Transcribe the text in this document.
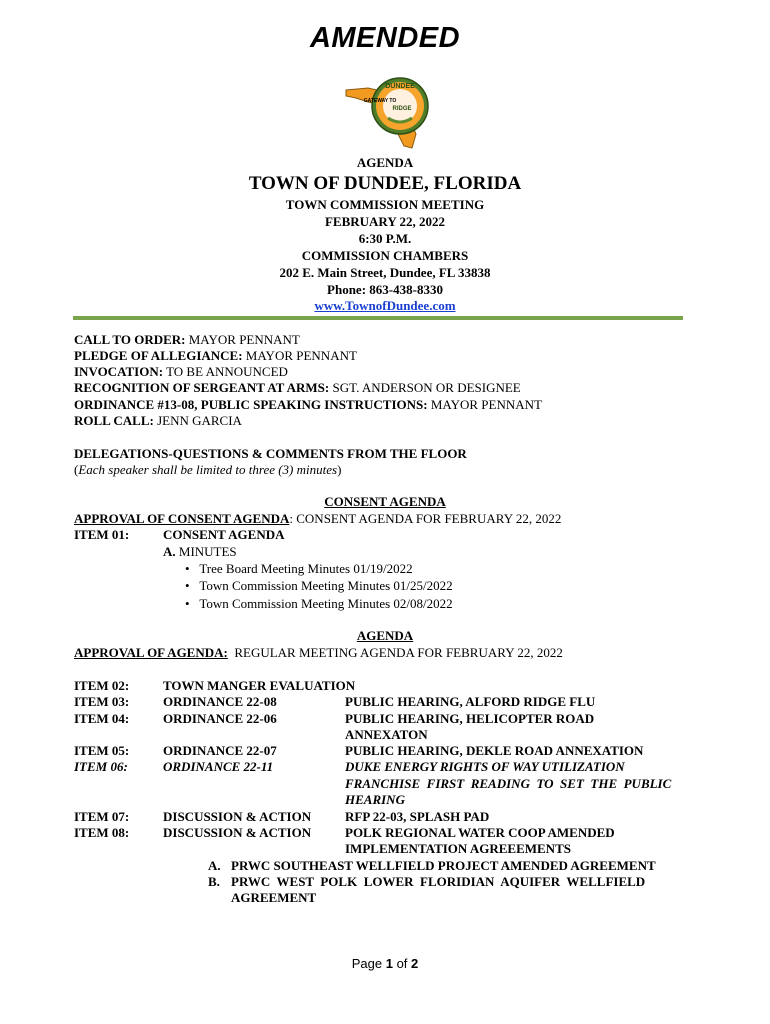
AMENDED
DUNDEE
GATEWAY TO
RIDGE
AGENDA
TOWN OF DUNDEE, FLORIDA
TOWN COMMISSION MEETING
FEBRUARY 22, 2022
6:30 P.M.
COMMISSION CHAMBERS
202 E. Main Street, Dundee, FL 33838
Phone: 863-438-8330
www.TownofDundee.com
CALL TO ORDER: MAYOR PENNANT
PLEDGE OF ALLEGIANCE: MAYOR PENNANT
INVOCATION: TO BE ANNOUNCED
RECOGNITION OF SERGEANT AT ARMS: SGT. ANDERSON OR DESIGNEE
ORDINANCE #13-08, PUBLIC SPEAKING INSTRUCTIONS: MAYOR PENNANT
ROLL CALL: JENN GARCIA
DELEGATIONS-QUESTIONS & COMMENTS FROM THE FLOOR
(Each speaker shall be limited to three (3) minutes)
CONSENT AGENDA
APPROVAL OF CONSENT AGENDA: CONSENT AGENDA FOR FEBRUARY 22, 2022
ITEM 01:	CONSENT AGENDA
A. MINUTES
•   Tree Board Meeting Minutes 01/19/2022
•   Town Commission Meeting Minutes 01/25/2022
•   Town Commission Meeting Minutes 02/08/2022
AGENDA
APPROVAL OF AGENDA: REGULAR MEETING AGENDA FOR FEBRUARY 22, 2022
ITEM 02:	TOWN MANGER EVALUATION
ITEM 03:	ORDINANCE 22-08	PUBLIC HEARING, ALFORD RIDGE FLU
ITEM 04:	ORDINANCE 22-06	PUBLIC HEARING, HELICOPTER ROAD
ANNEXATON
ITEM 05:	ORDINANCE 22-07	PUBLIC HEARING, DEKLE ROAD ANNEXATION
ITEM 06:	ORDINANCE 22-11	DUKE ENERGY RIGHTS OF WAY UTILIZATION
FRANCHISE  FIRST  READING  TO  SET  THE  PUBLIC
HEARING
ITEM 07:	DISCUSSION & ACTION	RFP 22-03, SPLASH PAD
ITEM 08:	DISCUSSION & ACTION	POLK REGIONAL WATER COOP AMENDED
IMPLEMENTATION AGREEEMENTS
A. PRWC SOUTHEAST WELLFIELD PROJECT AMENDED AGREEMENT
B. PRWC  WEST  POLK  LOWER  FLORIDIAN  AQUIFER  WELLFIELD
AGREEMENT
Page 1 of 2
